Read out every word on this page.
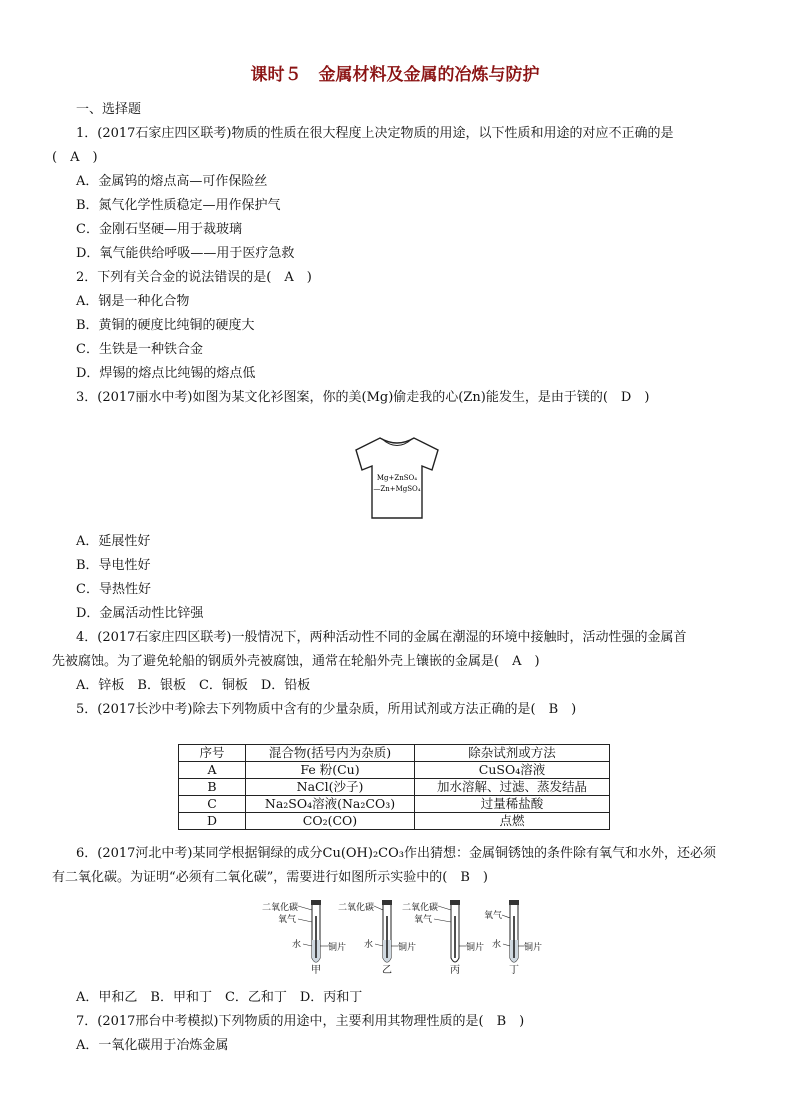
课时５　金属材料及金属的冶炼与防护
一、选择题
1．(2017石家庄四区联考)物质的性质在很大程度上决定物质的用途，以下性质和用途的对应不正确的是
(　A　)
A．金属钨的熔点高—可作保险丝
B．氮气化学性质稳定—用作保护气
C．金刚石坚硬—用于裁玻璃
D．氧气能供给呼吸——用于医疗急救
2．下列有关合金的说法错误的是(　A　)
A．钢是一种化合物
B．黄铜的硬度比纯铜的硬度大
C．生铁是一种铁合金
D．焊锡的熔点比纯锡的熔点低
3．(2017丽水中考)如图为某文化衫图案，你的美(Mg)偷走我的心(Zn)能发生，是由于镁的(　D　)
Mg+ZnSO₄
—Zn+MgSO₄
A．延展性好
B．导电性好
C．导热性好
D．金属活动性比锌强
4．(2017石家庄四区联考)一般情况下，两种活动性不同的金属在潮湿的环境中接触时，活动性强的金属首
先被腐蚀。为了避免轮船的钢质外壳被腐蚀，通常在轮船外壳上镶嵌的金属是(　A　)
A．锌板　B．银板　C．铜板　D．铅板
5．(2017长沙中考)除去下列物质中含有的少量杂质，所用试剂或方法正确的是(　B　)
序号	混合物(括号内为杂质)	除杂试剂或方法
A	Fe 粉(Cu)	CuSO₄溶液
B	NaCl(沙子)	加水溶解、过滤、蒸发结晶
C	Na₂SO₄溶液(Na₂CO₃)	过量稀盐酸
D	CO₂(CO)	点燃
6．(2017河北中考)某同学根据铜绿的成分Cu(OH)₂CO₃作出猜想：金属铜锈蚀的条件除有氧气和水外，还必须
有二氧化碳。为证明“必须有二氧化碳”，需要进行如图所示实验中的(　B　)
二氧化碳
氧气
水	铜片
甲
二氧化碳
水	铜片
乙
二氧化碳
氧气
铜片
丙
氧气
水	铜片
丁
A．甲和乙　B．甲和丁　C．乙和丁　D．丙和丁
7．(2017邢台中考模拟)下列物质的用途中，主要利用其物理性质的是(　B　)
A．一氧化碳用于冶炼金属
